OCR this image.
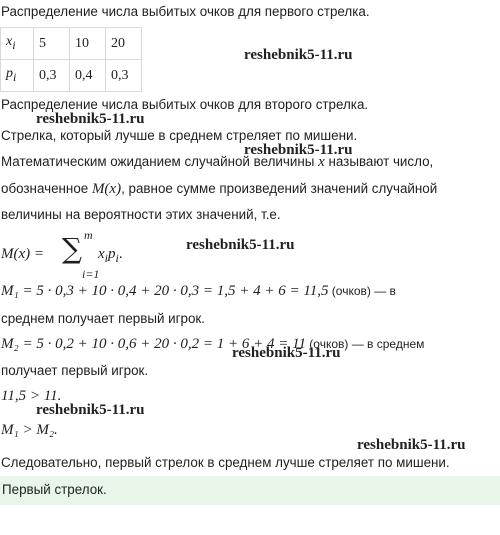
Распределение числа выбитых очков для первого стрелка.
$x_i$	5	10	20
$p_i$	0,3	0,4	0,3
reshebnik5-11.ru
Распределение числа выбитых очков для второго стрелка.
reshebnik5-11.ru
Стрелка, который лучше в среднем стреляет по мишени.
reshebnik5-11.ru
Математическим ожиданием случайной величины x называют число,
обозначенное M(x), равное сумме произведений значений случайной
величины на вероятности этих значений, т.е.
M(x) =
m
∑
i=1
$x_ip_i$.
reshebnik5-11.ru
M₁ = 5 · 0,3 + 10 · 0,4 + 20 · 0,3 = 1,5 + 4 + 6 = 11,5 (очков) — в
среднем получает первый игрок.
M₂ = 5 · 0,2 + 10 · 0,6 + 20 · 0,2 = 1 + 6 + 4 = 11 (очков) — в среднем
reshebnik5-11.ru
получает первый игрок.
11,5 > 11.
reshebnik5-11.ru
M₁ > M₂.
reshebnik5-11.ru
Следовательно, первый стрелок в среднем лучше стреляет по мишени.
Первый стрелок.
